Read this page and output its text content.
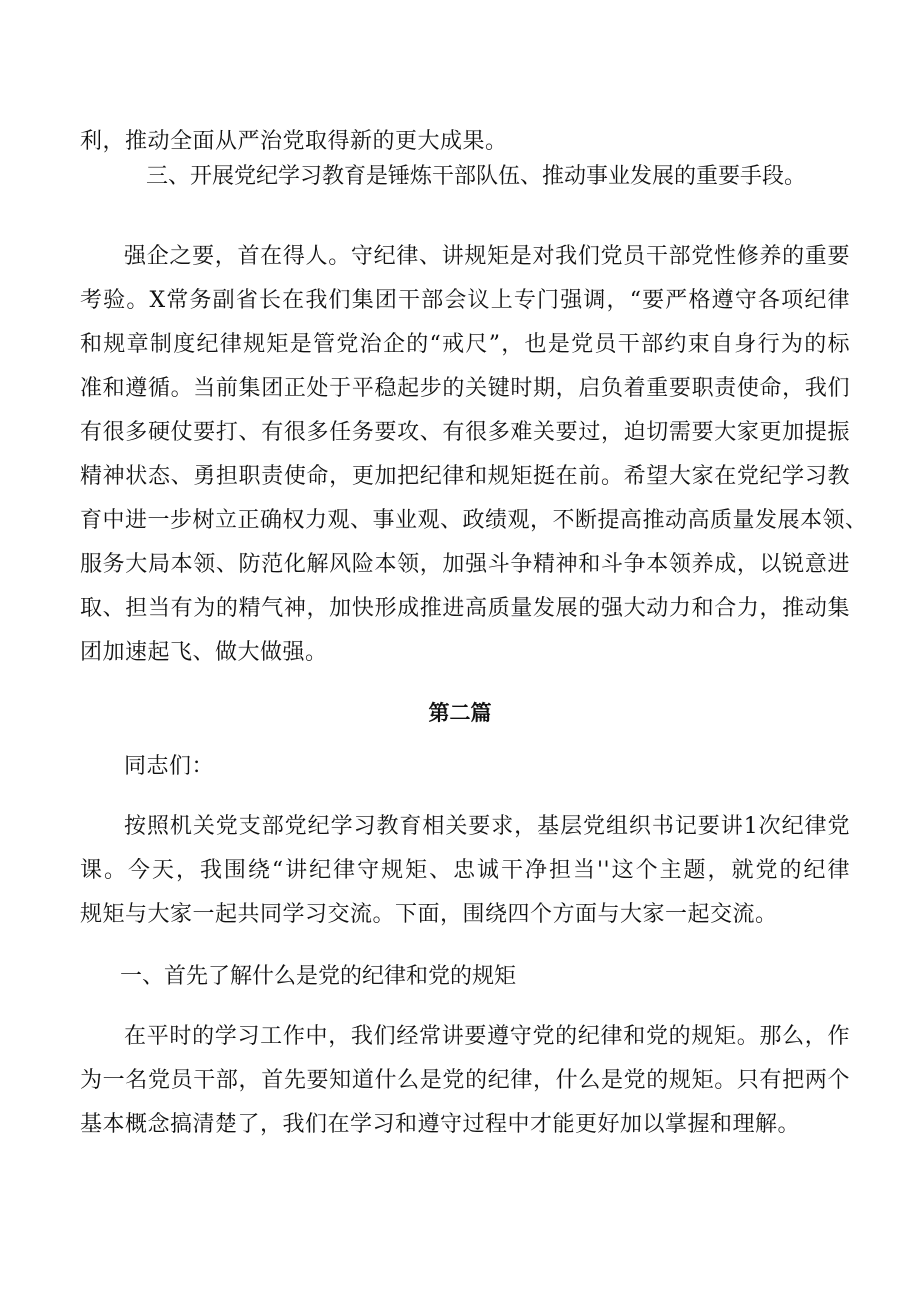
利，推动全面从严治党取得新的更大成果。
三、开展党纪学习教育是锤炼干部队伍、推动事业发展的重要手段。
强企之要，首在得人。守纪律、讲规矩是对我们党员干部党性修养的重要
考验。X常务副省长在我们集团干部会议上专门强调，“要严格遵守各项纪律
和规章制度纪律规矩是管党治企的“戒尺”，也是党员干部约束自身行为的标
准和遵循。当前集团正处于平稳起步的关键时期，启负着重要职责使命，我们
有很多硬仗要打、有很多任务要攻、有很多难关要过，迫切需要大家更加提振
精神状态、勇担职责使命，更加把纪律和规矩挺在前。希望大家在党纪学习教
育中进一步树立正确权力观、事业观、政绩观，不断提高推动高质量发展本领、
服务大局本领、防范化解风险本领，加强斗争精神和斗争本领养成，以锐意进
取、担当有为的精气神，加快形成推进高质量发展的强大动力和合力，推动集
团加速起飞、做大做强。
第二篇
同志们：
按照机关党支部党纪学习教育相关要求，基层党组织书记要讲1次纪律党
课。今天，我围绕“讲纪律守规矩、忠诚干净担当''这个主题，就党的纪律
规矩与大家一起共同学习交流。下面，围绕四个方面与大家一起交流。
一、首先了解什么是党的纪律和党的规矩
在平时的学习工作中，我们经常讲要遵守党的纪律和党的规矩。那么，作
为一名党员干部，首先要知道什么是党的纪律，什么是党的规矩。只有把两个
基本概念搞清楚了，我们在学习和遵守过程中才能更好加以掌握和理解。
